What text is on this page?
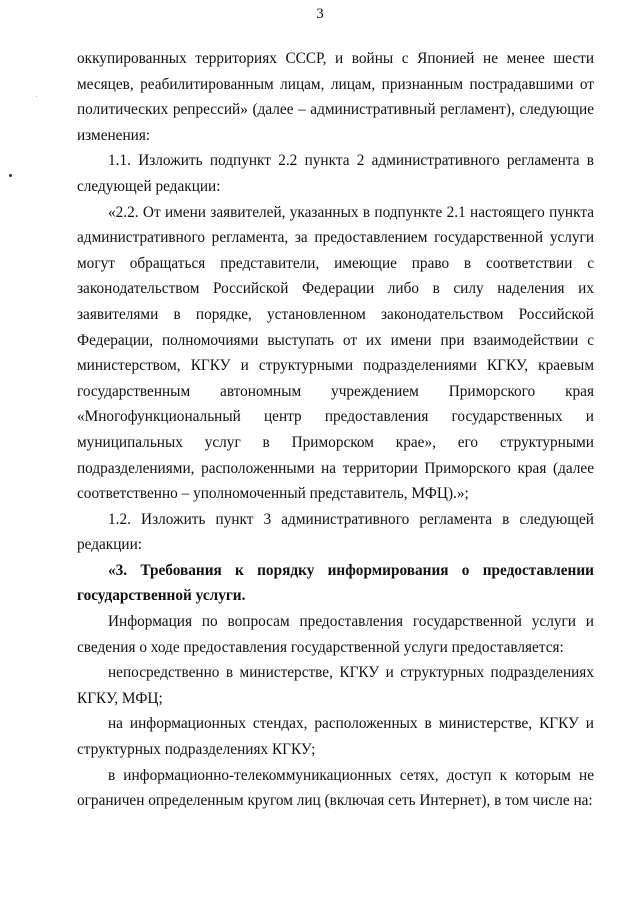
3

оккупированных территориях СССР, и войны с Японией не менее шести месяцев, реабилитированным лицам, лицам, признанным пострадавшими от политических репрессий» (далее – административный регламент), следующие изменения:

1.1. Изложить подпункт 2.2 пункта 2 административного регламента в следующей редакции:

«2.2. От имени заявителей, указанных в подпункте 2.1 настоящего пункта административного регламента, за предоставлением государственной услуги могут обращаться представители, имеющие право в соответствии с законодательством Российской Федерации либо в силу наделения их заявителями в порядке, установленном законодательством Российской Федерации, полномочиями выступать от их имени при взаимодействии с министерством, КГКУ и структурными подразделениями КГКУ, краевым государственным автономным учреждением Приморского края «Многофункциональный центр предоставления государственных и муниципальных услуг в Приморском крае», его структурными подразделениями, расположенными на территории Приморского края (далее соответственно – уполномоченный представитель, МФЦ).»;

1.2. Изложить пункт 3 административного регламента в следующей редакции:

«3. Требования к порядку информирования о предоставлении государственной услуги.

Информация по вопросам предоставления государственной услуги и сведения о ходе предоставления государственной услуги предоставляется:

непосредственно в министерстве, КГКУ и структурных подразделениях КГКУ, МФЦ;

на информационных стендах, расположенных в министерстве, КГКУ и структурных подразделениях КГКУ;

в информационно-телекоммуникационных сетях, доступ к которым не ограничен определенным кругом лиц (включая сеть Интернет), в том числе на:
